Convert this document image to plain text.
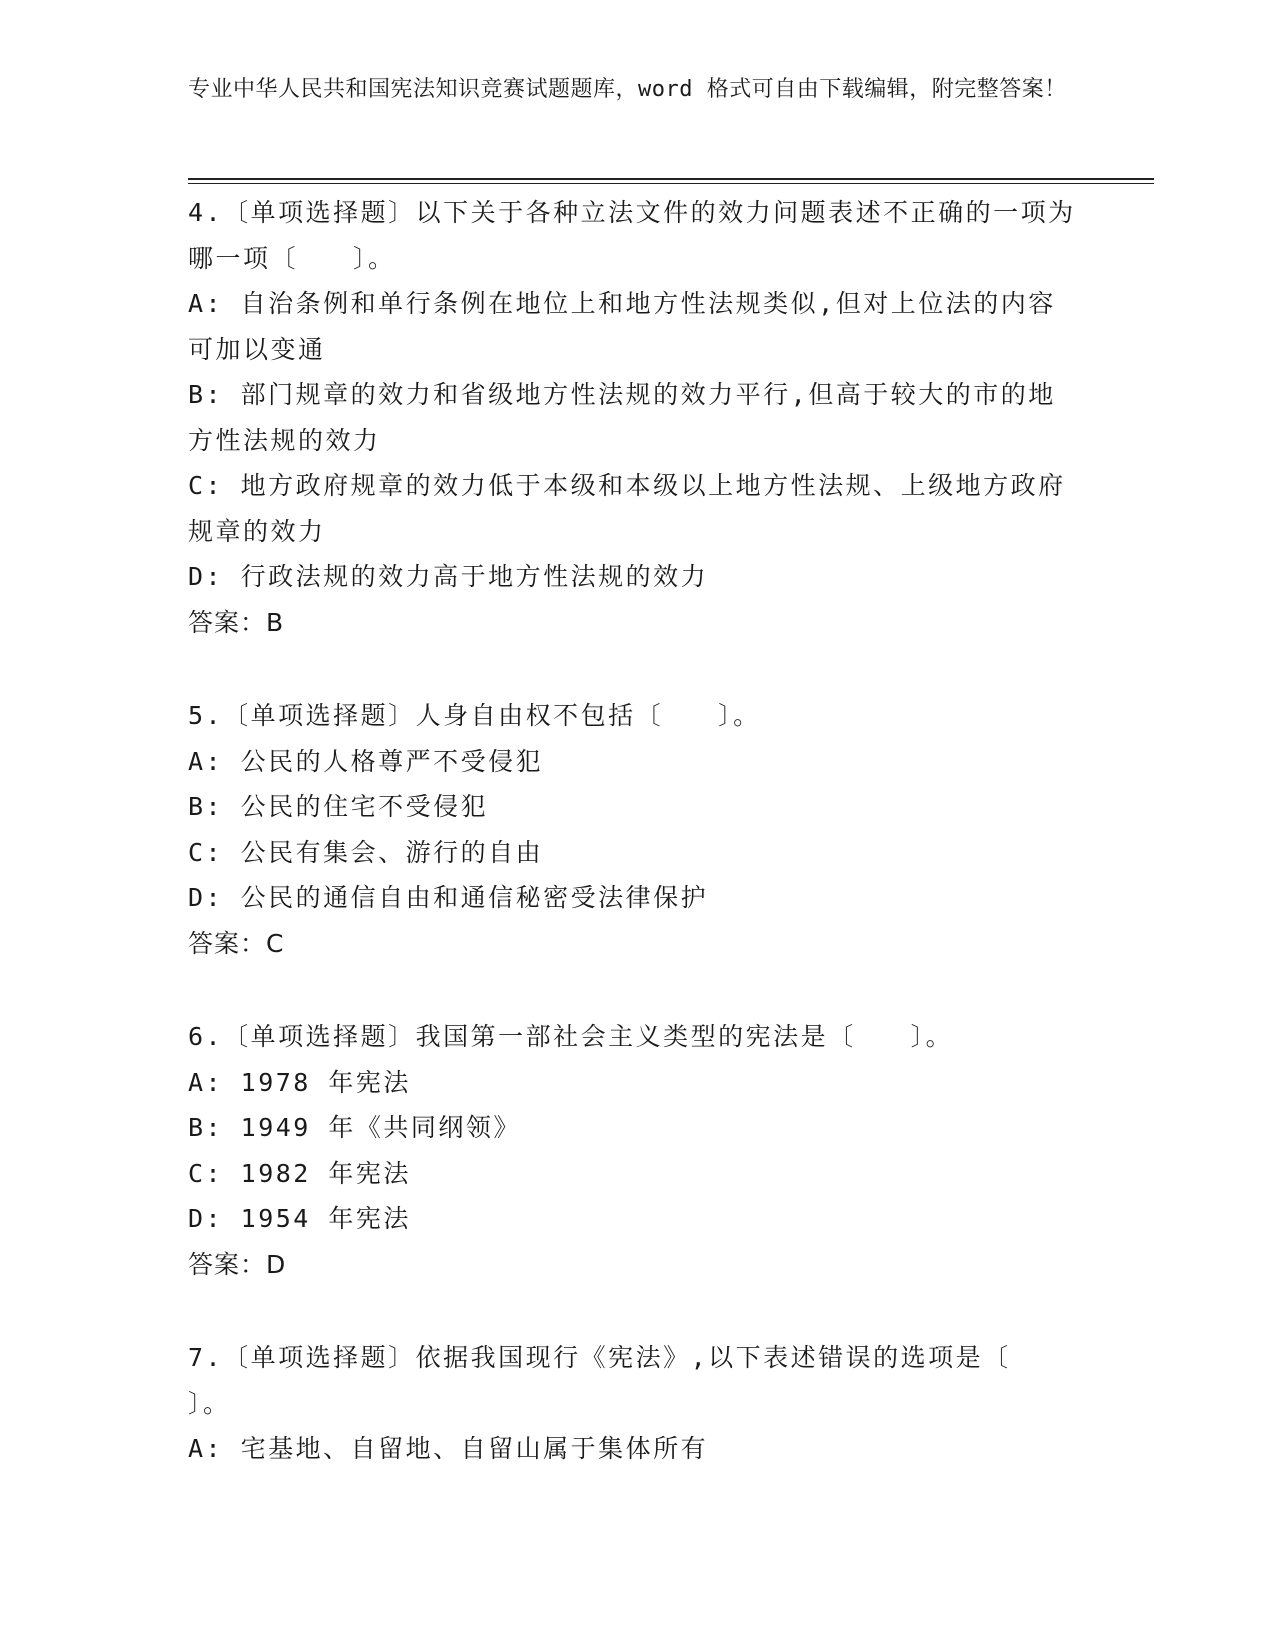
专业中华人民共和国宪法知识竞赛试题题库，word 格式可自由下载编辑，附完整答案！
4.〔单项选择题〕以下关于各种立法文件的效力问题表述不正确的一项为哪一项〔　　〕。
A: 自治条例和单行条例在地位上和地方性法规类似,但对上位法的内容可加以变通
B: 部门规章的效力和省级地方性法规的效力平行,但高于较大的市的地方性法规的效力
C: 地方政府规章的效力低于本级和本级以上地方性法规、上级地方政府规章的效力
D: 行政法规的效力高于地方性法规的效力
答案：B
5.〔单项选择题〕人身自由权不包括〔　　〕。
A: 公民的人格尊严不受侵犯
B: 公民的住宅不受侵犯
C: 公民有集会、游行的自由
D: 公民的通信自由和通信秘密受法律保护
答案：C
6.〔单项选择题〕我国第一部社会主义类型的宪法是〔　　〕。
A: 1978 年宪法
B: 1949 年《共同纲领》
C: 1982 年宪法
D: 1954 年宪法
答案：D
7.〔单项选择题〕依据我国现行《宪法》,以下表述错误的选项是〔　　〕。
A: 宅基地、自留地、自留山属于集体所有
